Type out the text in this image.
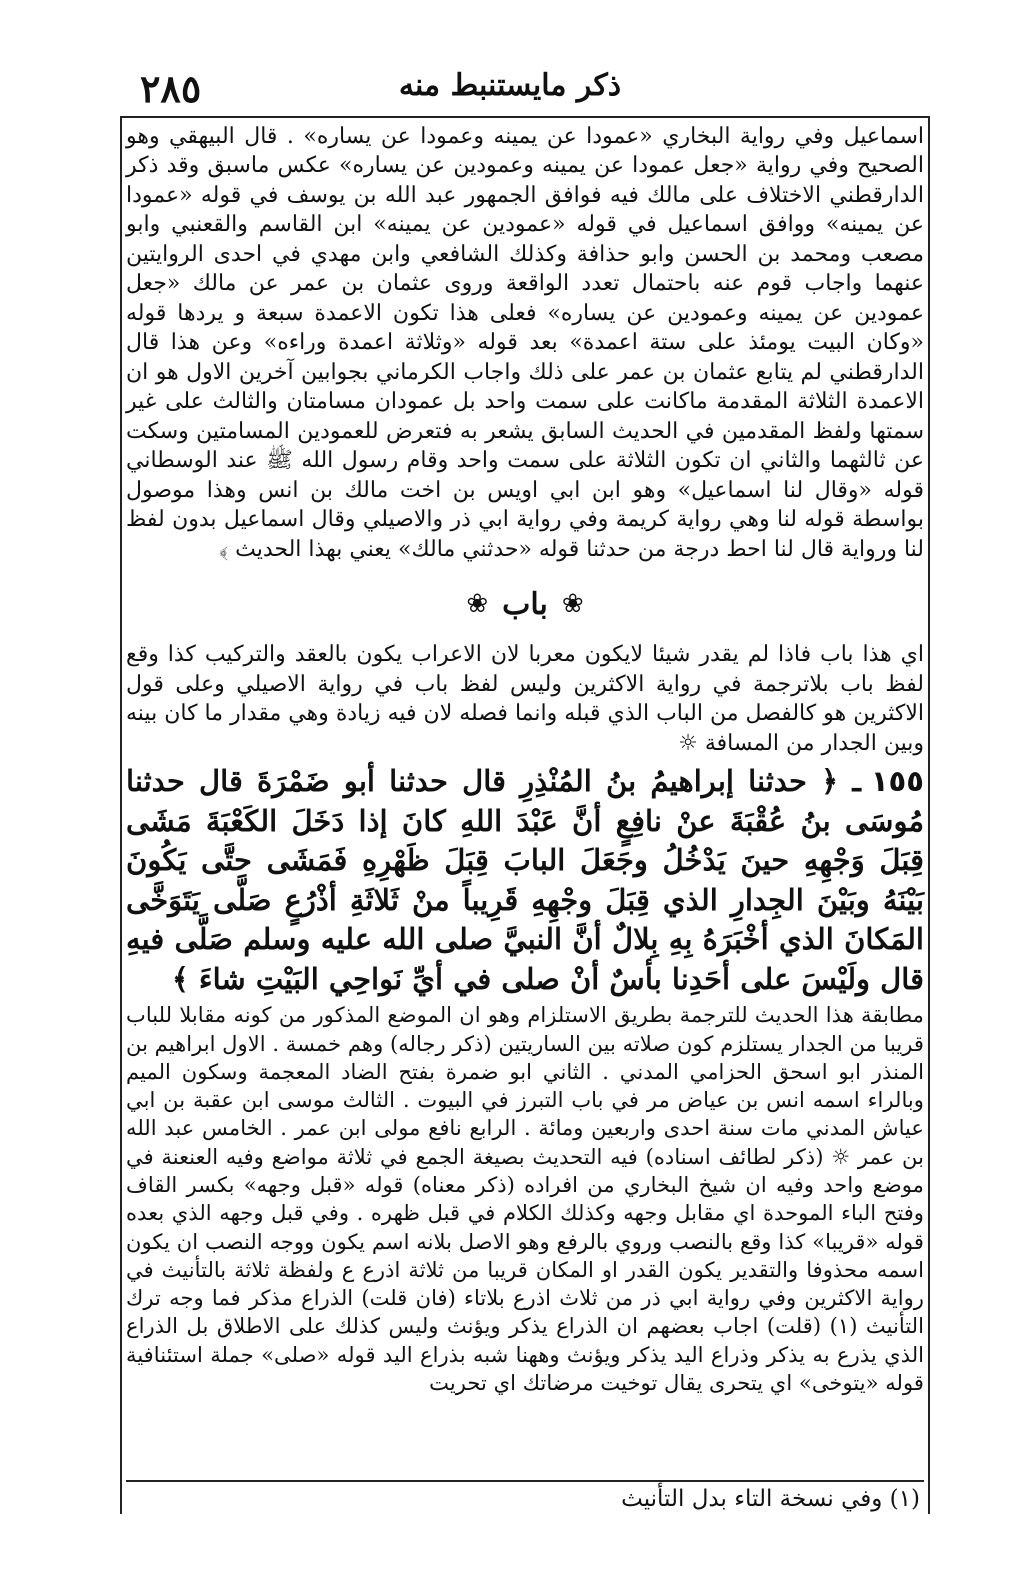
٢٨٥	ذكر مايستنبط منه

اسماعيل وفي رواية البخاري «عمودا عن يمينه وعمودا عن يساره» . قال البيهقي وهو الصحيح وفي رواية «جعل عمودا عن يمينه وعمودين عن يساره» عكس ماسبق وقد ذكر الدارقطني الاختلاف على مالك فيه فوافق الجمهور عبد الله بن يوسف في قوله «عمودا عن يمينه» ووافق اسماعيل في قوله «عمودين عن يمينه» ابن القاسم والقعنبي وابو مصعب ومحمد بن الحسن وابو حذافة وكذلك الشافعي وابن مهدي في احدى الروايتين عنهما واجاب قوم عنه باحتمال تعدد الواقعة وروى عثمان بن عمر عن مالك «جعل عمودين عن يمينه وعمودين عن يساره» فعلى هذا تكون الاعمدة سبعة و يردها قوله «وكان البيت يومئذ على ستة اعمدة» بعد قوله «وثلاثة اعمدة وراءه» وعن هذا قال الدارقطني لم يتابع عثمان بن عمر على ذلك واجاب الكرماني بجوابين آخرين الاول هو ان الاعمدة الثلاثة المقدمة ماكانت على سمت واحد بل عمودان مسامتان والثالث على غير سمتها ولفظ المقدمين في الحديث السابق يشعر به فتعرض للعمودين المسامتين وسكت عن ثالثهما والثاني ان تكون الثلاثة على سمت واحد وقام رسول الله ﷺ عند الوسطاني قوله «وقال لنا اسماعيل» وهو ابن ابي اويس بن اخت مالك بن انس وهذا موصول بواسطة قوله لنا وهي رواية كريمة وفي رواية ابي ذر والاصيلي وقال اسماعيل بدون لفظ لنا ورواية قال لنا احط درجة من حدثنا قوله «حدثني مالك» يعني بهذا الحديث ﴾

❀
باب
❀

اي هذا باب فاذا لم يقدر شيئا لايكون معربا لان الاعراب يكون بالعقد والتركيب كذا وقع لفظ باب بلاترجمة في رواية الاكثرين وليس لفظ باب في رواية الاصيلي وعلى قول الاكثرين هو كالفصل من الباب الذي قبله وانما فصله لان فيه زيادة وهي مقدار ما كان بينه وبين الجدار من المسافة ☼

١٥٥ـ ﴿ حدثنا إبراهيمُ بنُ المُنْذِرِ قال حدثنا أبو ضَمْرَةَ قال حدثنا مُوسَى بنُ عُقْبَةَ عنْ نافِعٍ أنَّ عَبْدَ اللهِ كانَ إذا دَخَلَ الكَعْبَةَ مَشَى قِبَلَ وَجْهِهِ حينَ يَدْخُلُ وجَعَلَ البابَ قِبَلَ ظَهْرِهِ فَمَشَى حتَّى يَكُونَ بَيْنَهُ وبَيْنَ الجِدارِ الذي قِبَلَ وجْهِهِ قَرِيباً منْ ثَلاثَةِ أذْرُعٍ صَلَّى يَتَوَخَّى المَكانَ الذي أخْبَرَهُ بِهِ بِلالٌ أنَّ النبيَّ صلى الله عليه وسلم صَلَّى فيهِ قال ولَيْسَ على أحَدِنا بأسٌ أنْ صلى في أيِّ نَواحِي البَيْتِ شاءَ ﴾

مطابقة هذا الحديث للترجمة بطريق الاستلزام وهو ان الموضع المذكور من كونه مقابلا للباب قريبا من الجدار يستلزم كون صلاته بين الساريتين (ذكر رجاله) وهم خمسة . الاول ابراهيم بن المنذر ابو اسحق الحزامي المدني . الثاني ابو ضمرة بفتح الضاد المعجمة وسكون الميم وبالراء اسمه انس بن عياض مر في باب التبرز في البيوت . الثالث موسى ابن عقبة بن ابي عياش المدني مات سنة احدى واربعين ومائة . الرابع نافع مولى ابن عمر . الخامس عبد الله بن عمر ☼ (ذكر لطائف اسناده) فيه التحديث بصيغة الجمع في ثلاثة مواضع وفيه العنعنة في موضع واحد وفيه ان شيخ البخاري من افراده (ذكر معناه) قوله «قبل وجهه» بكسر القاف وفتح الباء الموحدة اي مقابل وجهه وكذلك الكلام في قبل ظهره . وفي قبل وجهه الذي بعده قوله «قريبا» كذا وقع بالنصب وروي بالرفع وهو الاصل بلانه اسم يكون ووجه النصب ان يكون اسمه محذوفا والتقدير يكون القدر او المكان قريبا من ثلاثة اذرع ع ولفظة ثلاثة بالتأنيث في رواية الاكثرين وفي رواية ابي ذر من ثلاث اذرع بلاتاء (فان قلت) الذراع مذكر فما وجه ترك التأنيث (١) (قلت) اجاب بعضهم ان الذراع يذكر ويؤنث وليس كذلك على الاطلاق بل الذراع الذي يذرع به يذكر وذراع اليد يذكر ويؤنث وههنا شبه بذراع اليد قوله «صلى» جملة استئنافية قوله «يتوخى» اي يتحرى يقال توخيت مرضاتك اي تحريت

(١) وفي نسخة التاء بدل التأنيث
